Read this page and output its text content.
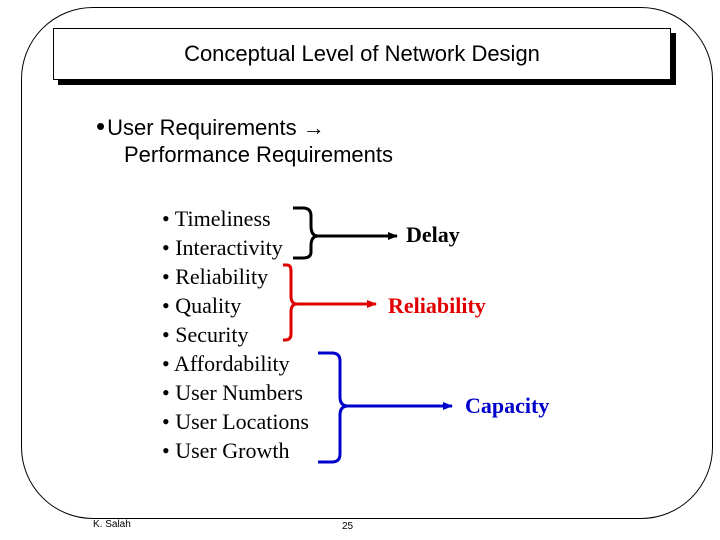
Conceptual Level of Network Design
•User Requirements →
Performance Requirements
• Timeliness
• Interactivity
• Reliability
• Quality
• Security
• Affordability
• User Numbers
• User Locations
• User Growth
Delay
Reliability
Capacity
K. Salah	25
